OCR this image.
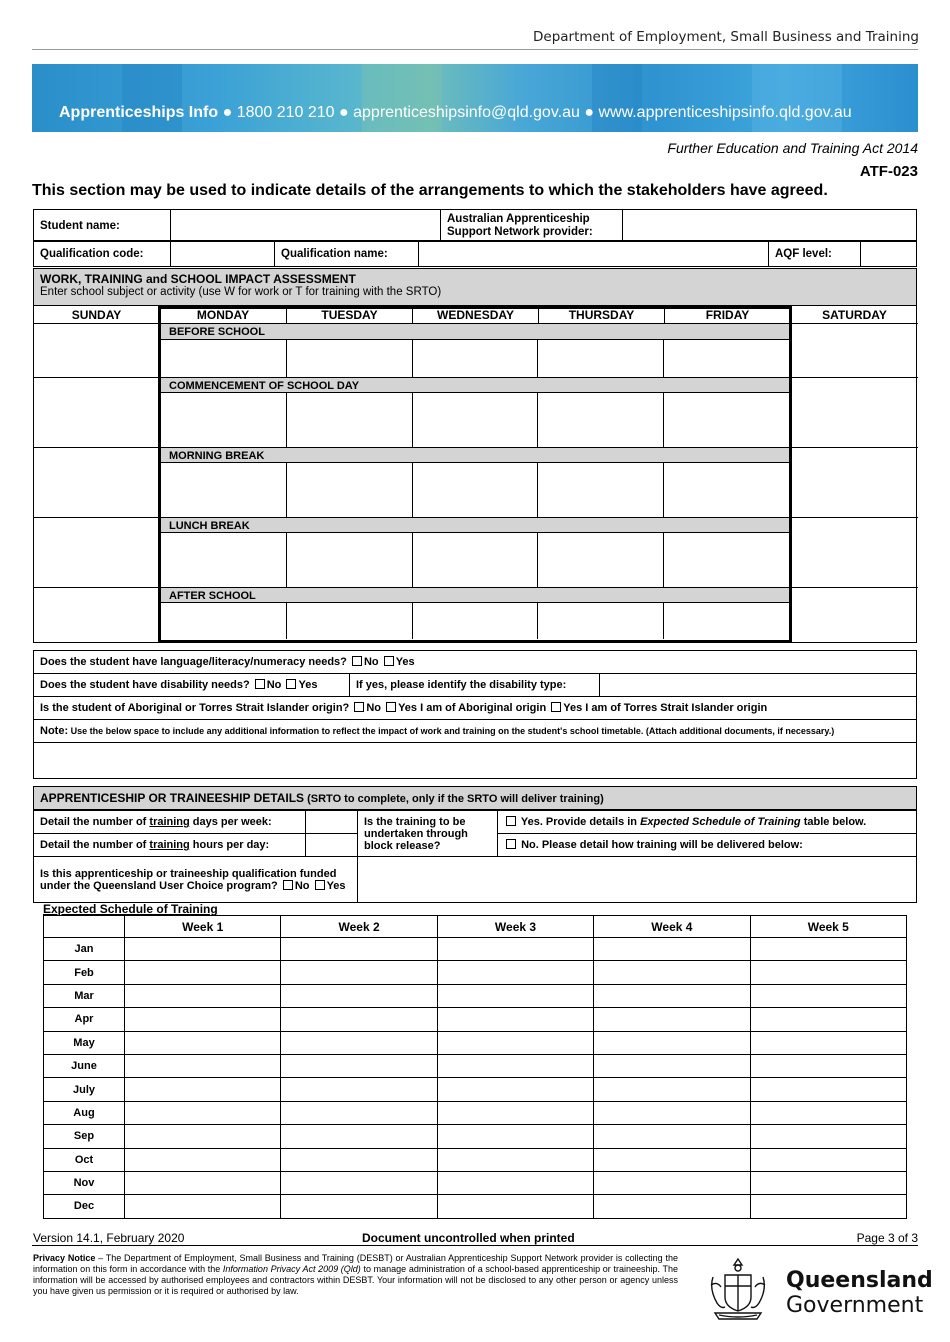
Department of Employment, Small Business and Training
Apprenticeships Info ● 1800 210 210 ● apprenticeshipsinfo@qld.gov.au ● www.apprenticeshipsinfo.qld.gov.au
Further Education and Training Act 2014
ATF-023
This section may be used to indicate details of the arrangements to which the stakeholders have agreed.
Student name:		Australian Apprenticeship Support Network provider:	
Qualification code:		Qualification name:		AQF level:	
WORK, TRAINING and SCHOOL IMPACT ASSESSMENT
Enter school subject or activity (use W for work or T for training with the SRTO)
SUNDAY	MONDAY	TUESDAY	WEDNESDAY	THURSDAY	FRIDAY	SATURDAY
BEFORE SCHOOL
COMMENCEMENT OF SCHOOL DAY
MORNING BREAK
LUNCH BREAK
AFTER SCHOOL
Does the student have language/literacy/numeracy needs? No Yes
Does the student have disability needs? No Yes	If yes, please identify the disability type:	
Is the student of Aboriginal or Torres Strait Islander origin? No Yes I am of Aboriginal origin Yes I am of Torres Strait Islander origin
Note: Use the below space to include any additional information to reflect the impact of work and training on the student's school timetable. (Attach additional documents, if necessary.)

APPRENTICESHIP OR TRAINEESHIP DETAILS (SRTO to complete, only if the SRTO will deliver training)
Detail the number of training days per week:		Is the training to be undertaken through block release?	Yes. Provide details in Expected Schedule of Training table below.
Detail the number of training hours per day:			No. Please detail how training will be delivered below:
Is this apprenticeship or traineeship qualification funded under the Queensland User Choice program? No Yes			
Expected Schedule of Training
	Week 1	Week 2	Week 3	Week 4	Week 5
Jan					
Feb					
Mar					
Apr					
May					
June					
July					
Aug					
Sep					
Oct					
Nov					
Dec					
Version 14.1, February 2020	Document uncontrolled when printed	Page 3 of 3
Privacy Notice – The Department of Employment, Small Business and Training (DESBT) or Australian Apprenticeship Support Network provider is collecting the information on this form in accordance with the Information Privacy Act 2009 (Qld) to manage administration of a school-based apprenticeship or traineeship. The information will be accessed by authorised employees and contractors within DESBT. Your information will not be disclosed to any other person or agency unless you have given us permission or it is required or authorised by law.	Queensland
Government
